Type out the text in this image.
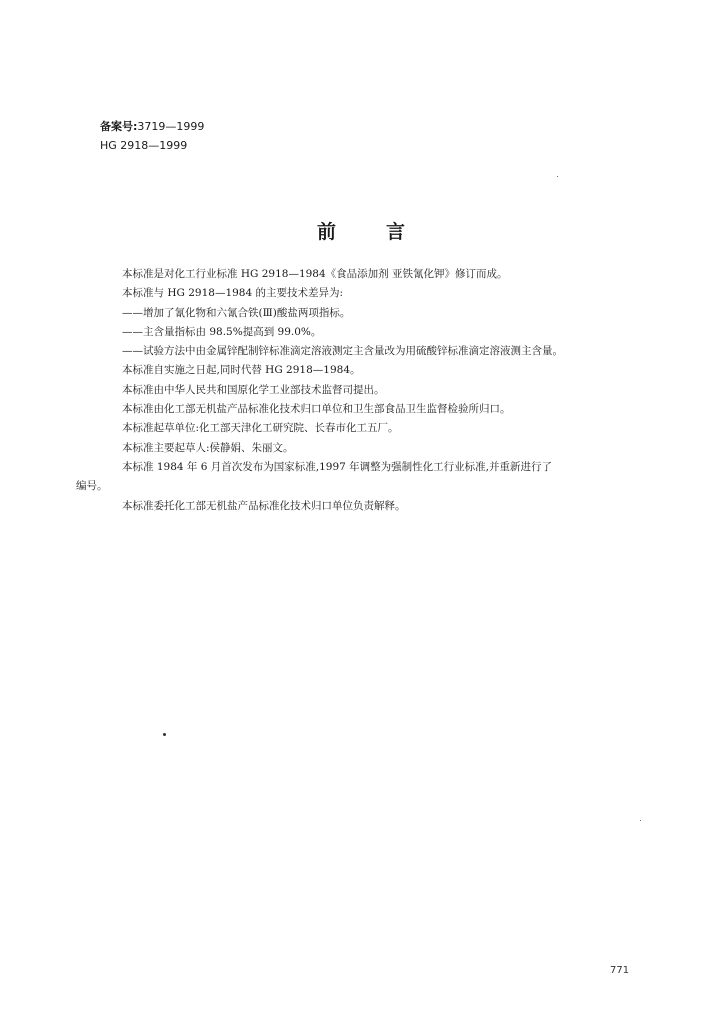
备案号:3719—1999
HG 2918—1999
前言

本标准是对化工行业标准 HG 2918—1984《食品添加剂 亚铁氰化钾》修订而成。

本标准与 HG 2918—1984 的主要技术差异为:

——增加了氰化物和六氰合铁(Ⅲ)酸盐两项指标。

——主含量指标由 98.5%提高到 99.0%。

——试验方法中由金属锌配制锌标准滴定溶液测定主含量改为用硫酸锌标准滴定溶液测主含量。

本标准自实施之日起,同时代替 HG 2918—1984。

本标准由中华人民共和国原化学工业部技术监督司提出。

本标准由化工部无机盐产品标准化技术归口单位和卫生部食品卫生监督检验所归口。

本标准起草单位:化工部天津化工研究院、长春市化工五厂。

本标准主要起草人:侯静娟、朱丽文。

本标准 1984 年 6 月首次发布为国家标准,1997 年调整为强制性化工行业标准,并重新进行了

编号。

本标准委托化工部无机盐产品标准化技术归口单位负责解释。

771
